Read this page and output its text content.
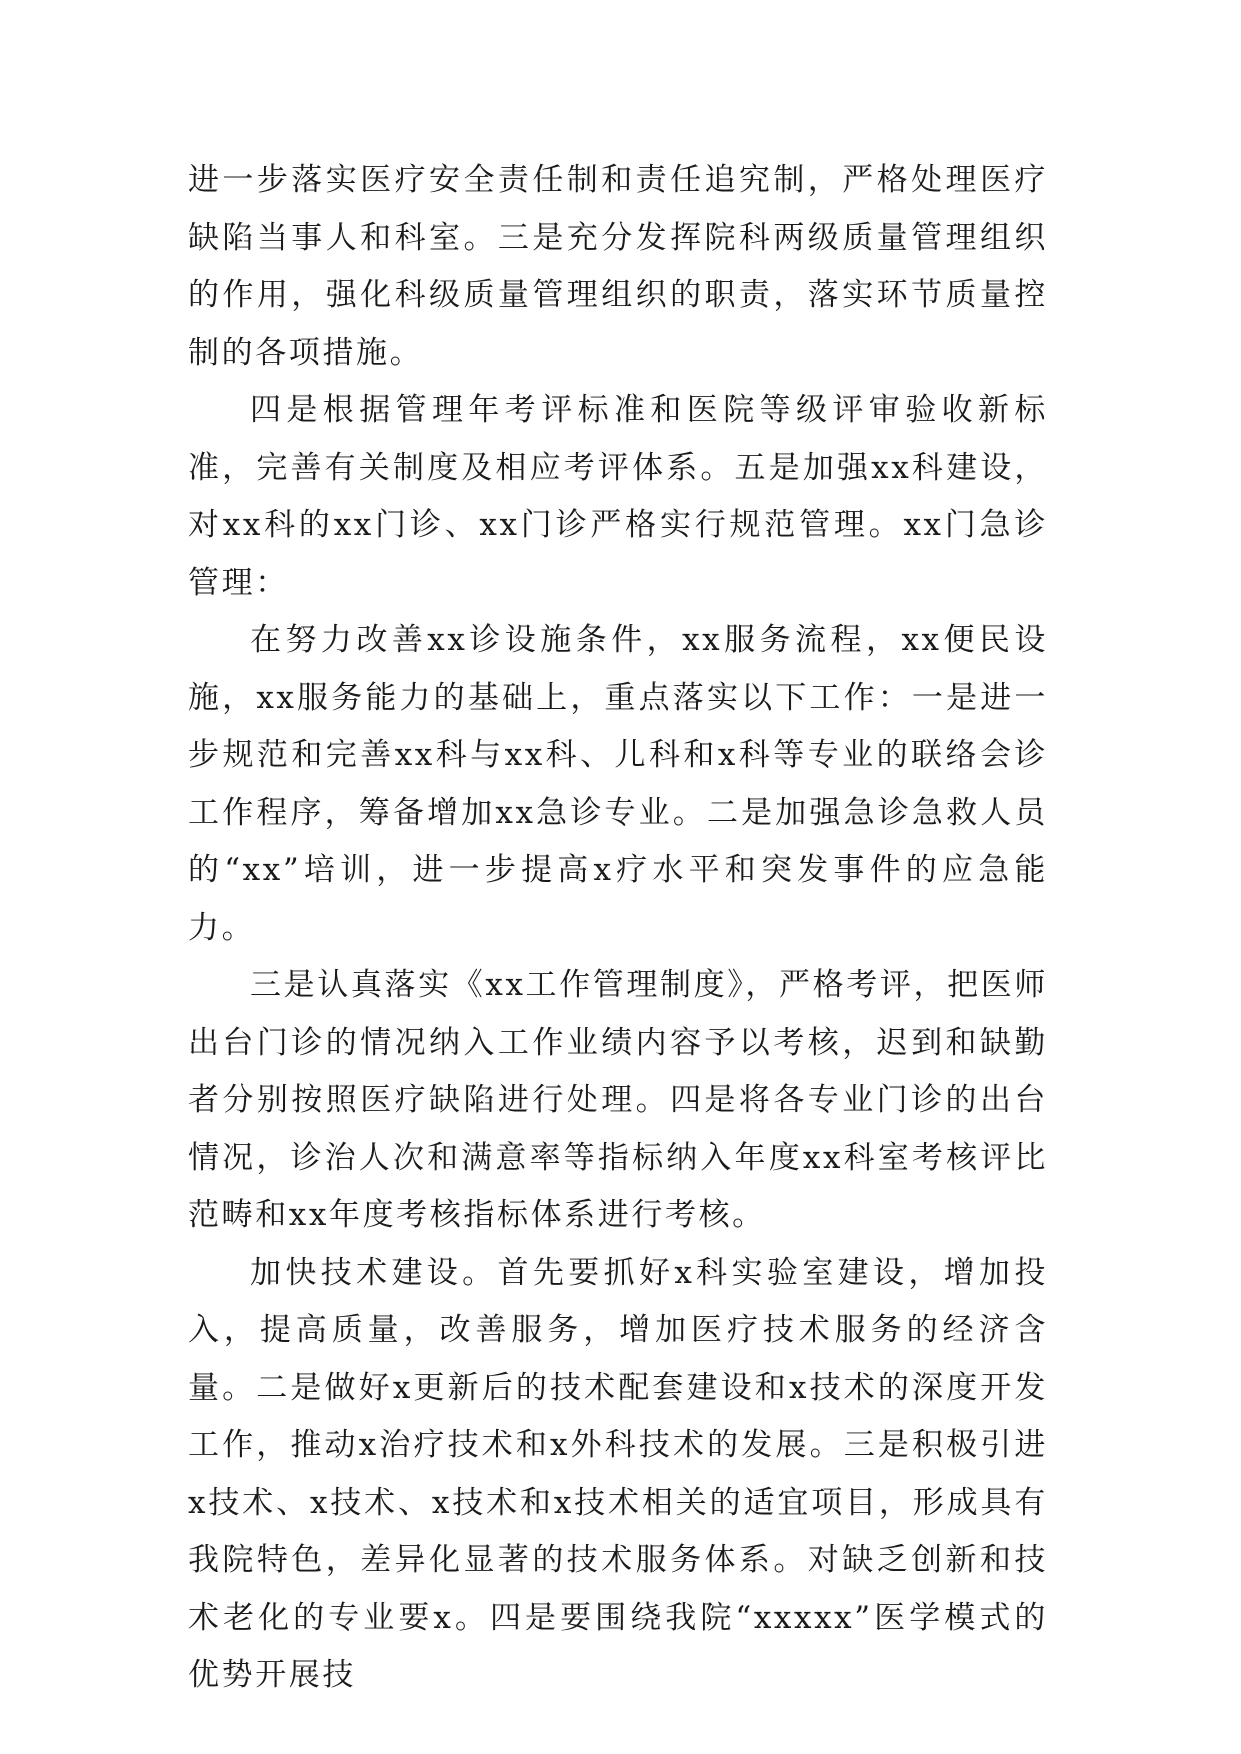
进一步落实医疗安全责任制和责任追究制，严格处理医疗缺陷当事人和科室。三是充分发挥院科两级质量管理组织的作用，强化科级质量管理组织的职责，落实环节质量控制的各项措施。

四是根据管理年考评标准和医院等级评审验收新标准，完善有关制度及相应考评体系。五是加强xx科建设，对xx科的xx门诊、xx门诊严格实行规范管理。xx门急诊管理：

在努力改善xx诊设施条件，xx服务流程，xx便民设施，xx服务能力的基础上，重点落实以下工作：一是进一步规范和完善xx科与xx科、儿科和x科等专业的联络会诊工作程序，筹备增加xx急诊专业。二是加强急诊急救人员的“xx”培训，进一步提高x疗水平和突发事件的应急能力。

三是认真落实《xx工作管理制度》，严格考评，把医师出台门诊的情况纳入工作业绩内容予以考核，迟到和缺勤者分别按照医疗缺陷进行处理。四是将各专业门诊的出台情况，诊治人次和满意率等指标纳入年度xx科室考核评比范畴和xx年度考核指标体系进行考核。

加快技术建设。首先要抓好x科实验室建设，增加投入，提高质量，改善服务，增加医疗技术服务的经济含量。二是做好x更新后的技术配套建设和x技术的深度开发工作，推动x治疗技术和x外科技术的发展。三是积极引进x技术、x技术、x技术和x技术相关的适宜项目，形成具有我院特色，差异化显著的技术服务体系。对缺乏创新和技术老化的专业要x。四是要围绕我院“xxxxx”医学模式的优势开展技
